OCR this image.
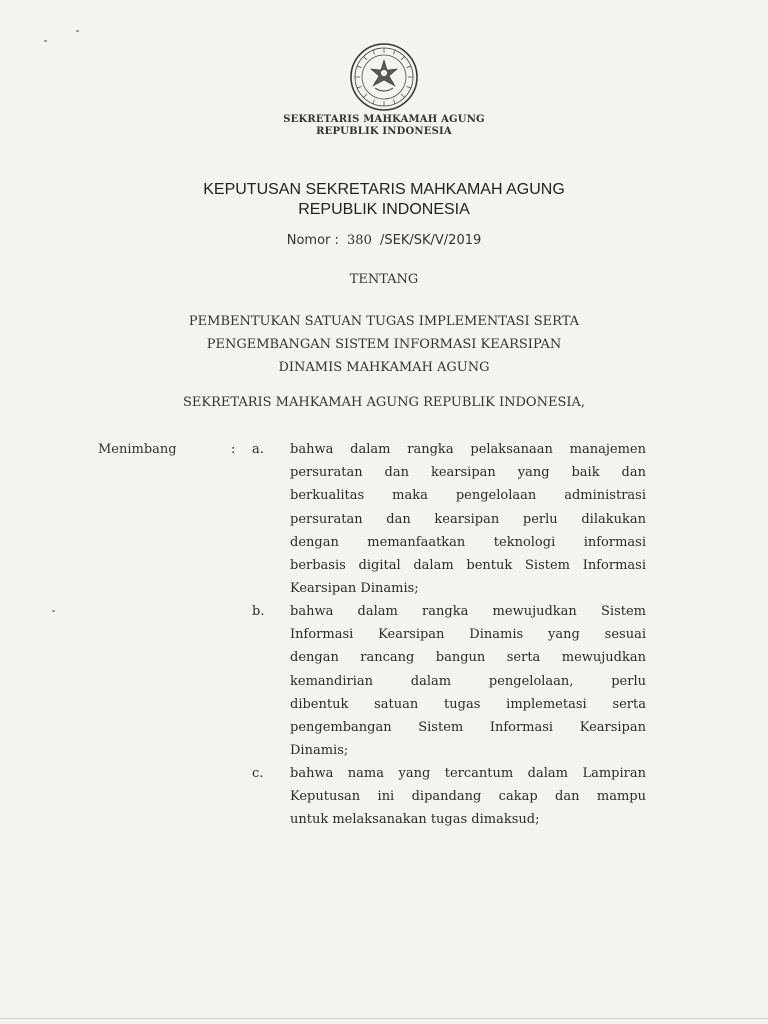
SEKRETARIS MAHKAMAH AGUNG
REPUBLIK INDONESIA
KEPUTUSAN SEKRETARIS MAHKAMAH AGUNG
REPUBLIK INDONESIA
Nomor : 380 /SEK/SK/V/2019
TENTANG
PEMBENTUKAN SATUAN TUGAS IMPLEMENTASI SERTA
PENGEMBANGAN SISTEM INFORMASI KEARSIPAN
DINAMIS MAHKAMAH AGUNG
SEKRETARIS MAHKAMAH AGUNG REPUBLIK INDONESIA,
Menimbang	: a. bahwa dalam rangka pelaksanaan manajemen
persuratan dan kearsipan yang baik dan
berkualitas maka pengelolaan administrasi
persuratan dan kearsipan perlu dilakukan
dengan memanfaatkan teknologi informasi
berbasis digital dalam bentuk Sistem Informasi
Kearsipan Dinamis;
b. bahwa dalam rangka mewujudkan Sistem
Informasi Kearsipan Dinamis yang sesuai
dengan rancang bangun serta mewujudkan
kemandirian dalam pengelolaan, perlu
dibentuk satuan tugas implemetasi serta
pengembangan Sistem Informasi Kearsipan
Dinamis;
c. bahwa nama yang tercantum dalam Lampiran
Keputusan ini dipandang cakap dan mampu
untuk melaksanakan tugas dimaksud;
